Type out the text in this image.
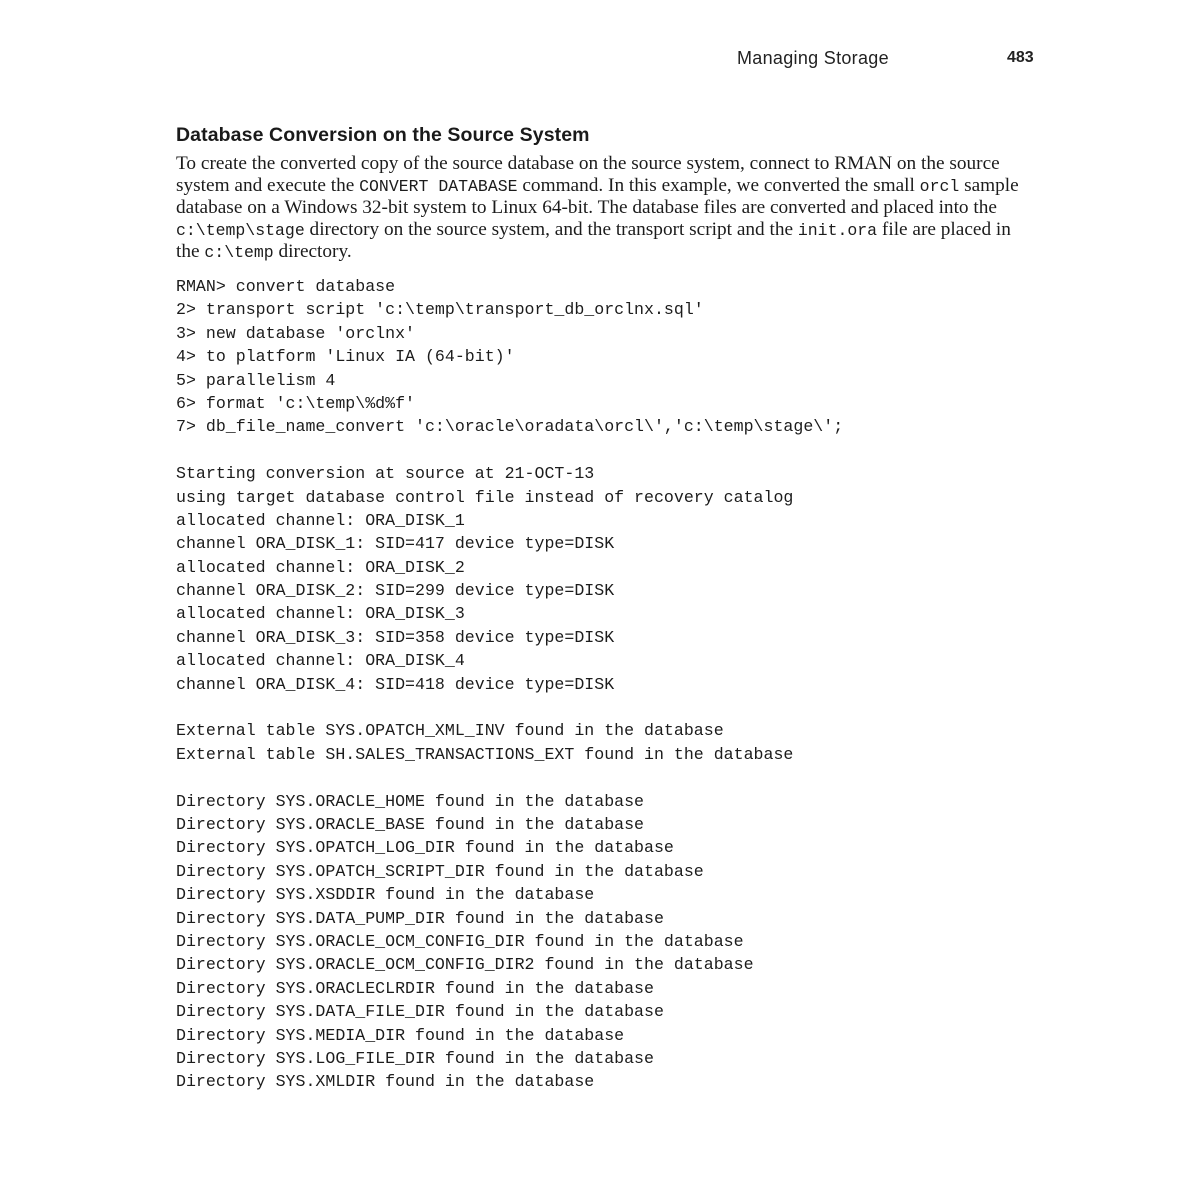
Managing Storage	483
Database Conversion on the Source System

To create the converted copy of the source database on the source system, connect to RMAN on the source system and execute the CONVERT DATABASE command. In this example, we converted the small orcl sample database on a Windows 32-bit system to Linux 64-bit. The database files are converted and placed into the c:\temp\stage directory on the source system, and the transport script and the init.ora file are placed in the c:\temp directory.

RMAN> convert database
2> transport script 'c:\temp\transport_db_orclnx.sql'
3> new database 'orclnx'
4> to platform 'Linux IA (64-bit)'
5> parallelism 4
6> format 'c:\temp\%d%f'
7> db_file_name_convert 'c:\oracle\oradata\orcl\','c:\temp\stage\';
Starting conversion at source at 21-OCT-13
using target database control file instead of recovery catalog
allocated channel: ORA_DISK_1
channel ORA_DISK_1: SID=417 device type=DISK
allocated channel: ORA_DISK_2
channel ORA_DISK_2: SID=299 device type=DISK
allocated channel: ORA_DISK_3
channel ORA_DISK_3: SID=358 device type=DISK
allocated channel: ORA_DISK_4
channel ORA_DISK_4: SID=418 device type=DISK
External table SYS.OPATCH_XML_INV found in the database
External table SH.SALES_TRANSACTIONS_EXT found in the database
Directory SYS.ORACLE_HOME found in the database
Directory SYS.ORACLE_BASE found in the database
Directory SYS.OPATCH_LOG_DIR found in the database
Directory SYS.OPATCH_SCRIPT_DIR found in the database
Directory SYS.XSDDIR found in the database
Directory SYS.DATA_PUMP_DIR found in the database
Directory SYS.ORACLE_OCM_CONFIG_DIR found in the database
Directory SYS.ORACLE_OCM_CONFIG_DIR2 found in the database
Directory SYS.ORACLECLRDIR found in the database
Directory SYS.DATA_FILE_DIR found in the database
Directory SYS.MEDIA_DIR found in the database
Directory SYS.LOG_FILE_DIR found in the database
Directory SYS.XMLDIR found in the database
